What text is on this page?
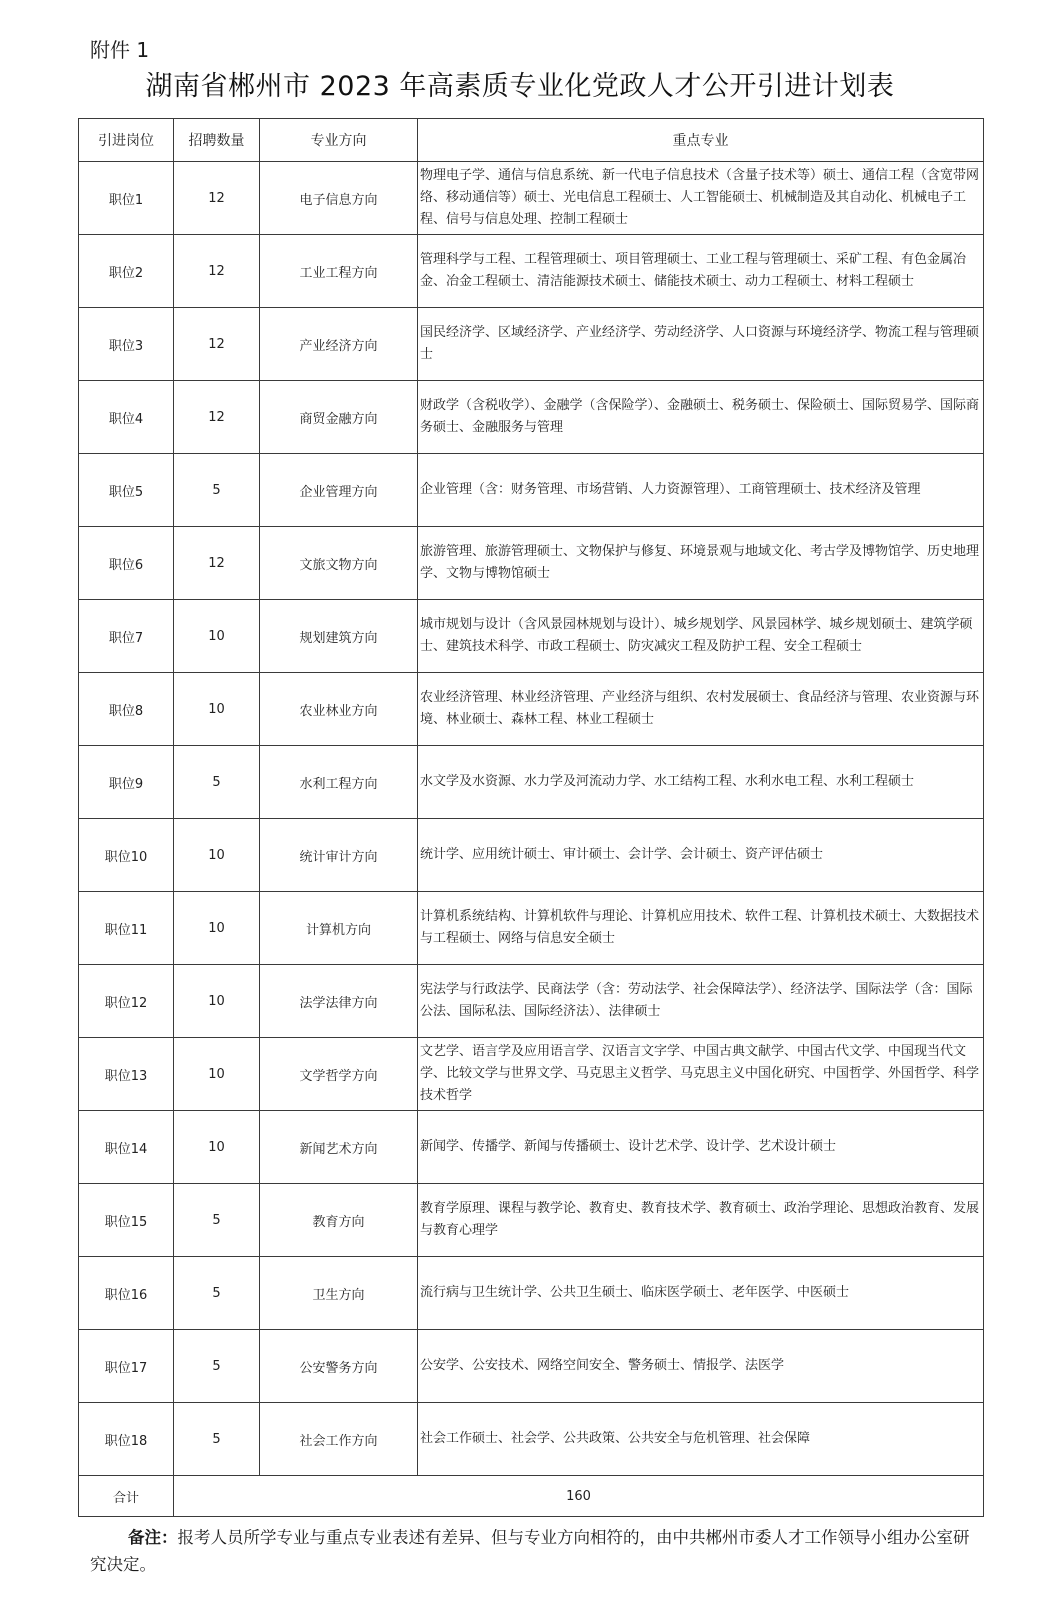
附件 1
湖南省郴州市 2023 年高素质专业化党政人才公开引进计划表
引进岗位	招聘数量	专业方向	重点专业
职位1	12	电子信息方向	物理电子学、通信与信息系统、新一代电子信息技术（含量子技术等）硕士、通信工程（含宽带网络、移动通信等）硕士、光电信息工程硕士、人工智能硕士、机械制造及其自动化、机械电子工程、信号与信息处理、控制工程硕士
职位2	12	工业工程方向	管理科学与工程、工程管理硕士、项目管理硕士、工业工程与管理硕士、采矿工程、有色金属冶金、冶金工程硕士、清洁能源技术硕士、储能技术硕士、动力工程硕士、材料工程硕士
职位3	12	产业经济方向	国民经济学、区域经济学、产业经济学、劳动经济学、人口资源与环境经济学、物流工程与管理硕士
职位4	12	商贸金融方向	财政学（含税收学）、金融学（含保险学）、金融硕士、税务硕士、保险硕士、国际贸易学、国际商务硕士、金融服务与管理
职位5	5	企业管理方向	企业管理（含：财务管理、市场营销、人力资源管理）、工商管理硕士、技术经济及管理
职位6	12	文旅文物方向	旅游管理、旅游管理硕士、文物保护与修复、环境景观与地域文化、考古学及博物馆学、历史地理学、文物与博物馆硕士
职位7	10	规划建筑方向	城市规划与设计（含风景园林规划与设计）、城乡规划学、风景园林学、城乡规划硕士、建筑学硕士、建筑技术科学、市政工程硕士、防灾减灾工程及防护工程、安全工程硕士
职位8	10	农业林业方向	农业经济管理、林业经济管理、产业经济与组织、农村发展硕士、食品经济与管理、农业资源与环境、林业硕士、森林工程、林业工程硕士
职位9	5	水利工程方向	水文学及水资源、水力学及河流动力学、水工结构工程、水利水电工程、水利工程硕士
职位10	10	统计审计方向	统计学、应用统计硕士、审计硕士、会计学、会计硕士、资产评估硕士
职位11	10	计算机方向	计算机系统结构、计算机软件与理论、计算机应用技术、软件工程、计算机技术硕士、大数据技术与工程硕士、网络与信息安全硕士
职位12	10	法学法律方向	宪法学与行政法学、民商法学（含：劳动法学、社会保障法学）、经济法学、国际法学（含：国际公法、国际私法、国际经济法）、法律硕士
职位13	10	文学哲学方向	文艺学、语言学及应用语言学、汉语言文字学、中国古典文献学、中国古代文学、中国现当代文学、比较文学与世界文学、马克思主义哲学、马克思主义中国化研究、中国哲学、外国哲学、科学技术哲学
职位14	10	新闻艺术方向	新闻学、传播学、新闻与传播硕士、设计艺术学、设计学、艺术设计硕士
职位15	5	教育方向	教育学原理、课程与教学论、教育史、教育技术学、教育硕士、政治学理论、思想政治教育、发展与教育心理学
职位16	5	卫生方向	流行病与卫生统计学、公共卫生硕士、临床医学硕士、老年医学、中医硕士
职位17	5	公安警务方向	公安学、公安技术、网络空间安全、警务硕士、情报学、法医学
职位18	5	社会工作方向	社会工作硕士、社会学、公共政策、公共安全与危机管理、社会保障
合计	160		
备注：报考人员所学专业与重点专业表述有差异、但与专业方向相符的，由中共郴州市委人才工作领导小组办公室研究决定。
